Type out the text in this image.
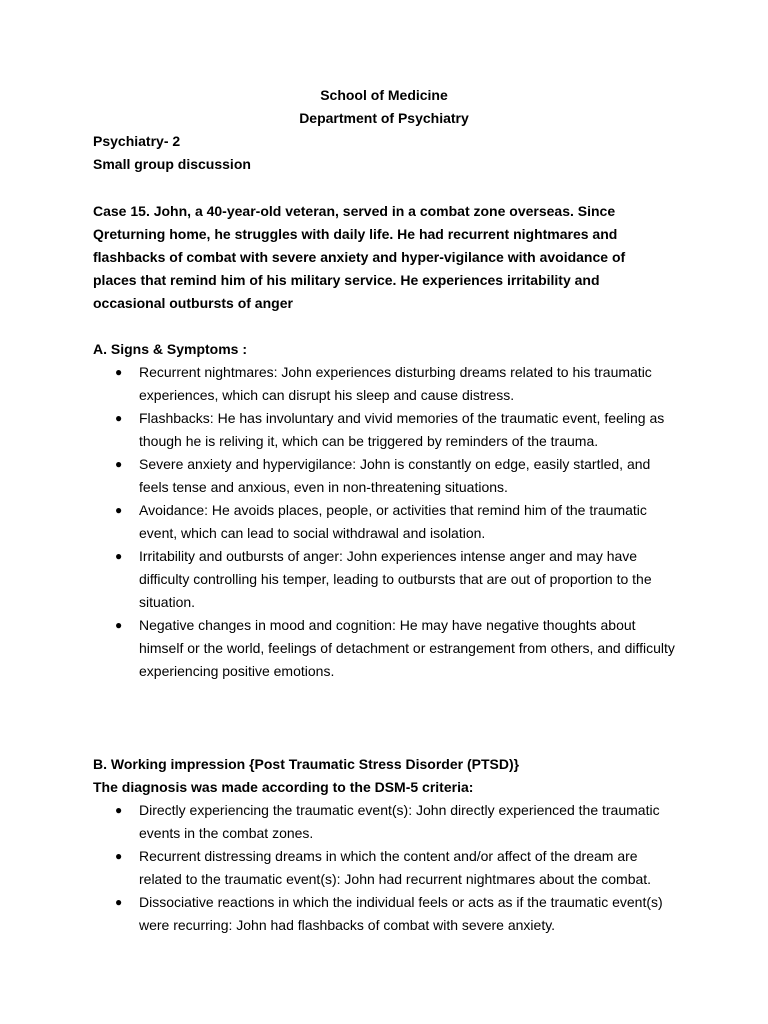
School of Medicine
Department of Psychiatry
Psychiatry- 2
Small group discussion
Case 15. John, a 40-year-old veteran, served in a combat zone overseas. Since Qreturning home, he struggles with daily life. He had recurrent nightmares and flashbacks of combat with severe anxiety and hyper-vigilance with avoidance of places that remind him of his military service. He experiences irritability and occasional outbursts of anger
A. Signs & Symptoms :
● Recurrent nightmares: John experiences disturbing dreams related to his traumatic experiences, which can disrupt his sleep and cause distress.
● Flashbacks: He has involuntary and vivid memories of the traumatic event, feeling as though he is reliving it, which can be triggered by reminders of the trauma.
● Severe anxiety and hypervigilance: John is constantly on edge, easily startled, and feels tense and anxious, even in non-threatening situations.
● Avoidance: He avoids places, people, or activities that remind him of the traumatic event, which can lead to social withdrawal and isolation.
● Irritability and outbursts of anger: John experiences intense anger and may have difficulty controlling his temper, leading to outbursts that are out of proportion to the situation.
● Negative changes in mood and cognition: He may have negative thoughts about himself or the world, feelings of detachment or estrangement from others, and difficulty experiencing positive emotions.
B. Working impression {Post Traumatic Stress Disorder (PTSD)}
The diagnosis was made according to the DSM-5 criteria:
● Directly experiencing the traumatic event(s): John directly experienced the traumatic events in the combat zones.
● Recurrent distressing dreams in which the content and/or affect of the dream are related to the traumatic event(s): John had recurrent nightmares about the combat.
● Dissociative reactions in which the individual feels or acts as if the traumatic event(s) were recurring: John had flashbacks of combat with severe anxiety.
